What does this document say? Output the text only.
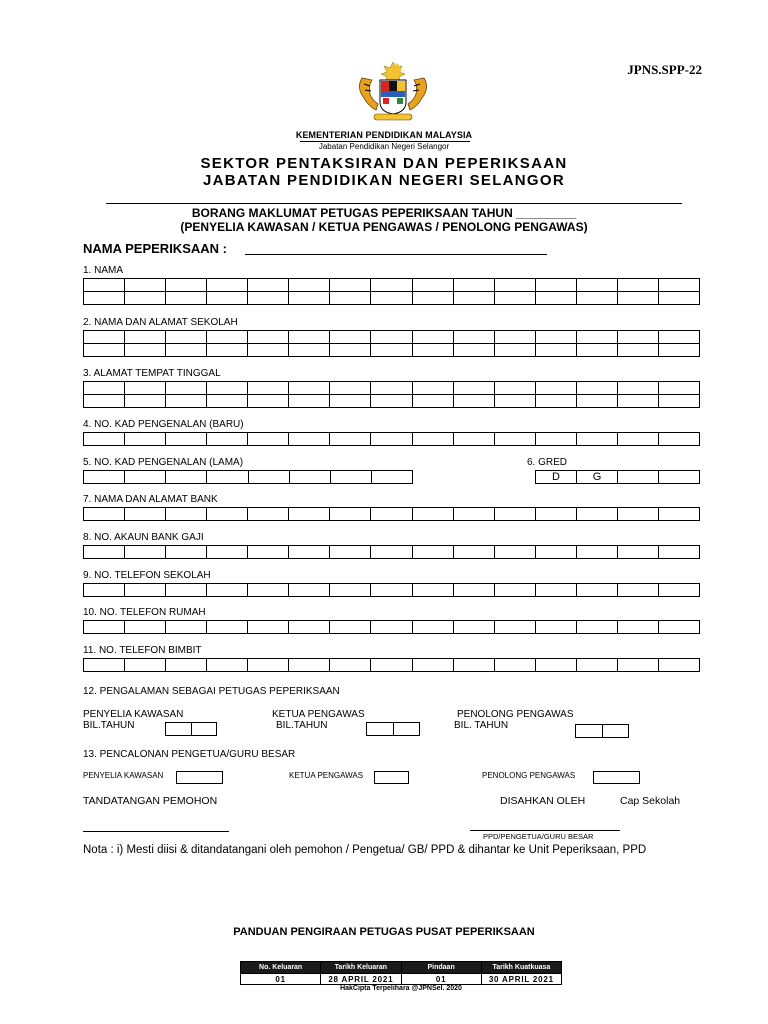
JPNS.SPP-22
KEMENTERIAN PENDIDIKAN MALAYSIA
Jabatan Pendidikan Negeri Selangor
SEKTOR PENTAKSIRAN DAN PEPERIKSAAN
JABATAN PENDIDIKAN NEGERI SELANGOR
BORANG MAKLUMAT PETUGAS PEPERIKSAAN TAHUN _________
(PENYELIA KAWASAN / KETUA PENGAWAS / PENOLONG PENGAWAS)
NAMA PEPERIKSAAN :
1. NAMA

2. NAMA DAN ALAMAT SEKOLAH

3. ALAMAT TEMPAT TINGGAL

4. NO. KAD PENGENALAN (BARU)

5. NO. KAD PENGENALAN (LAMA)
								6. GRED
D	G		
7. NAMA DAN ALAMAT BANK

8. NO. AKAUN BANK GAJI

9. NO. TELEFON SEKOLAH

10. NO. TELEFON RUMAH

11. NO. TELEFON BIMBIT

12. PENGALAMAN SEBAGAI PETUGAS PEPERIKSAAN
PENYELIA KAWASAN
BIL.TAHUN

KETUA PENGAWAS
BIL.TAHUN

PENOLONG PENGAWAS
BIL. TAHUN

13. PENCALONAN PENGETUA/GURU BESAR
PENYELIA KAWASAN	KETUA PENGAWAS	PENOLONG PENGAWAS
TANDATANGAN PEMOHON	DISAHKAN OLEH	Cap Sekolah
PPD/PENGETUA/GURU BESAR
Nota : i) Mesti diisi & ditandatangani oleh pemohon / Pengetua/ GB/ PPD & dihantar ke Unit Peperiksaan, PPD
PANDUAN PENGIRAAN PETUGAS PUSAT PEPERIKSAAN
No. Keluaran	Tarikh Keluaran	Pindaan	Tarikh Kuatkuasa
01	28 APRIL 2021	01	30 APRIL 2021
HakCipta Terpelihara @JPNSel. 2020
